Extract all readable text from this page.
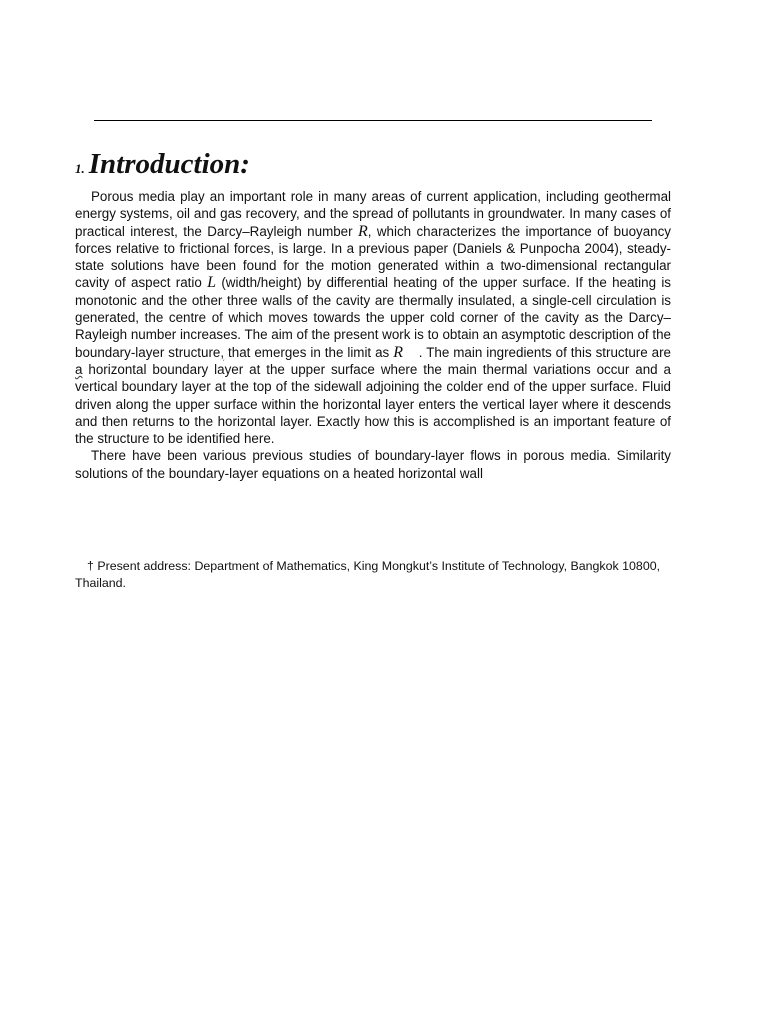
1. Introduction:

Porous media play an important role in many areas of current application, including geothermal energy systems, oil and gas recovery, and the spread of pollutants in groundwater. In many cases of practical interest, the Darcy–Rayleigh number R, which characterizes the importance of buoyancy forces relative to frictional forces, is large. In a previous paper (Daniels & Punpocha 2004), steady-state solutions have been found for the motion generated within a two-dimensional rectangular cavity of aspect ratio L (width/height) by differential heating of the upper surface. If the heating is monotonic and the other three walls of the cavity are thermally insulated, a single-cell circulation is generated, the centre of which moves towards the upper cold corner of the cavity as the Darcy–Rayleigh number increases. The aim of the present work is to obtain an asymptotic description of the boundary-layer structure, that emerges in the limit as R    . The main ingredients of this structure are a horizontal boundary layer at the upper surface where the main thermal variations occur and a vertical boundary layer at the top of the sidewall adjoining the colder end of the upper surface. Fluid driven along the upper surface within the horizontal layer enters the vertical layer where it descends and then returns to the horizontal layer. Exactly how this is accomplished is an important feature of the structure to be identified here.

There have been various previous studies of boundary-layer flows in porous media. Similarity solutions of the boundary-layer equations on a heated horizontal wall

† Present address: Department of Mathematics, King Mongkut’s Institute of Technology, Bangkok 10800, Thailand.
